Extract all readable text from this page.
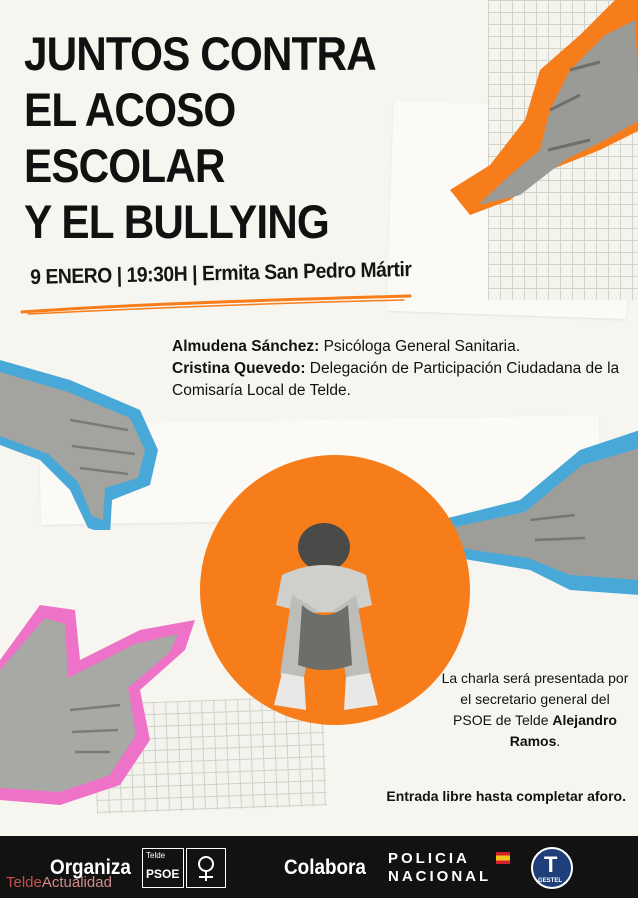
JUNTOS CONTRA
EL ACOSO ESCOLAR
Y EL BULLYING
9 ENERO | 19:30H | Ermita San Pedro Mártir

Almudena Sánchez: Psicóloga General Sanitaria.

Cristina Quevedo: Delegación de Participación Ciudadana de la Comisaría Local de Telde.

La charla será presentada por el secretario general del PSOE de Telde Alejandro Ramos.
Entrada libre hasta completar aforo.
Organiza
Telde
PSOE	Colabora POLICIA
NACIONAL T
GESTEL
TeldeActualidad
